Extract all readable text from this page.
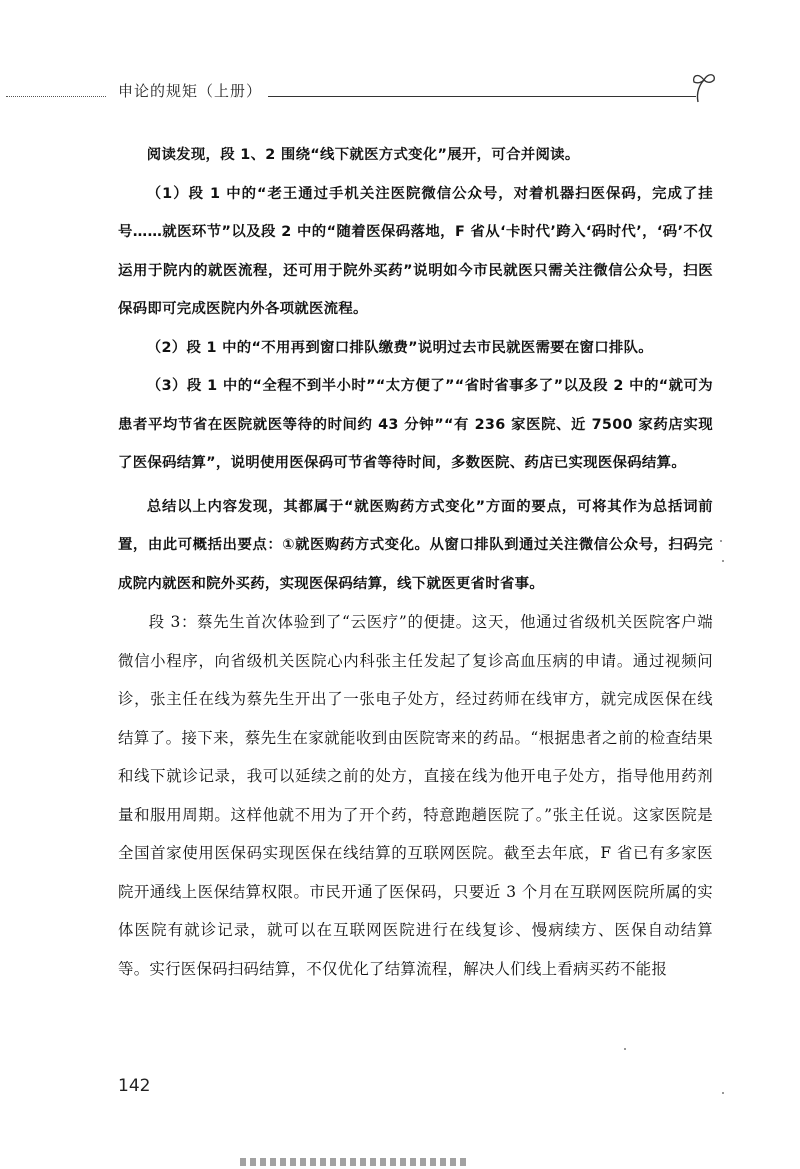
申论的规矩（上册）

阅读发现，段 1、2 围绕“线下就医方式变化”展开，可合并阅读。

（1）段 1 中的“老王通过手机关注医院微信公众号，对着机器扫医保码，完成了挂号……就医环节”以及段 2 中的“随着医保码落地，F 省从‘卡时代’跨入‘码时代’，‘码’不仅运用于院内的就医流程，还可用于院外买药”说明如今市民就医只需关注微信公众号，扫医保码即可完成医院内外各项就医流程。

（2）段 1 中的“不用再到窗口排队缴费”说明过去市民就医需要在窗口排队。

（3）段 1 中的“全程不到半小时”“太方便了”“省时省事多了”以及段 2 中的“就可为患者平均节省在医院就医等待的时间约 43 分钟”“有 236 家医院、近 7500 家药店实现了医保码结算”，说明使用医保码可节省等待时间，多数医院、药店已实现医保码结算。

总结以上内容发现，其都属于“就医购药方式变化”方面的要点，可将其作为总括词前置，由此可概括出要点：①就医购药方式变化。从窗口排队到通过关注微信公众号，扫码完成院内就医和院外买药，实现医保码结算，线下就医更省时省事。

段 3：蔡先生首次体验到了“云医疗”的便捷。这天，他通过省级机关医院客户端微信小程序，向省级机关医院心内科张主任发起了复诊高血压病的申请。通过视频问诊，张主任在线为蔡先生开出了一张电子处方，经过药师在线审方，就完成医保在线结算了。接下来，蔡先生在家就能收到由医院寄来的药品。“根据患者之前的检查结果和线下就诊记录，我可以延续之前的处方，直接在线为他开电子处方，指导他用药剂量和服用周期。这样他就不用为了开个药，特意跑趟医院了。”张主任说。这家医院是全国首家使用医保码实现医保在线结算的互联网医院。截至去年底，F 省已有多家医院开通线上医保结算权限。市民开通了医保码，只要近 3 个月在互联网医院所属的实体医院有就诊记录，就可以在互联网医院进行在线复诊、慢病续方、医保自动结算等。实行医保码扫码结算，不仅优化了结算流程，解决人们线上看病买药不能报

142
